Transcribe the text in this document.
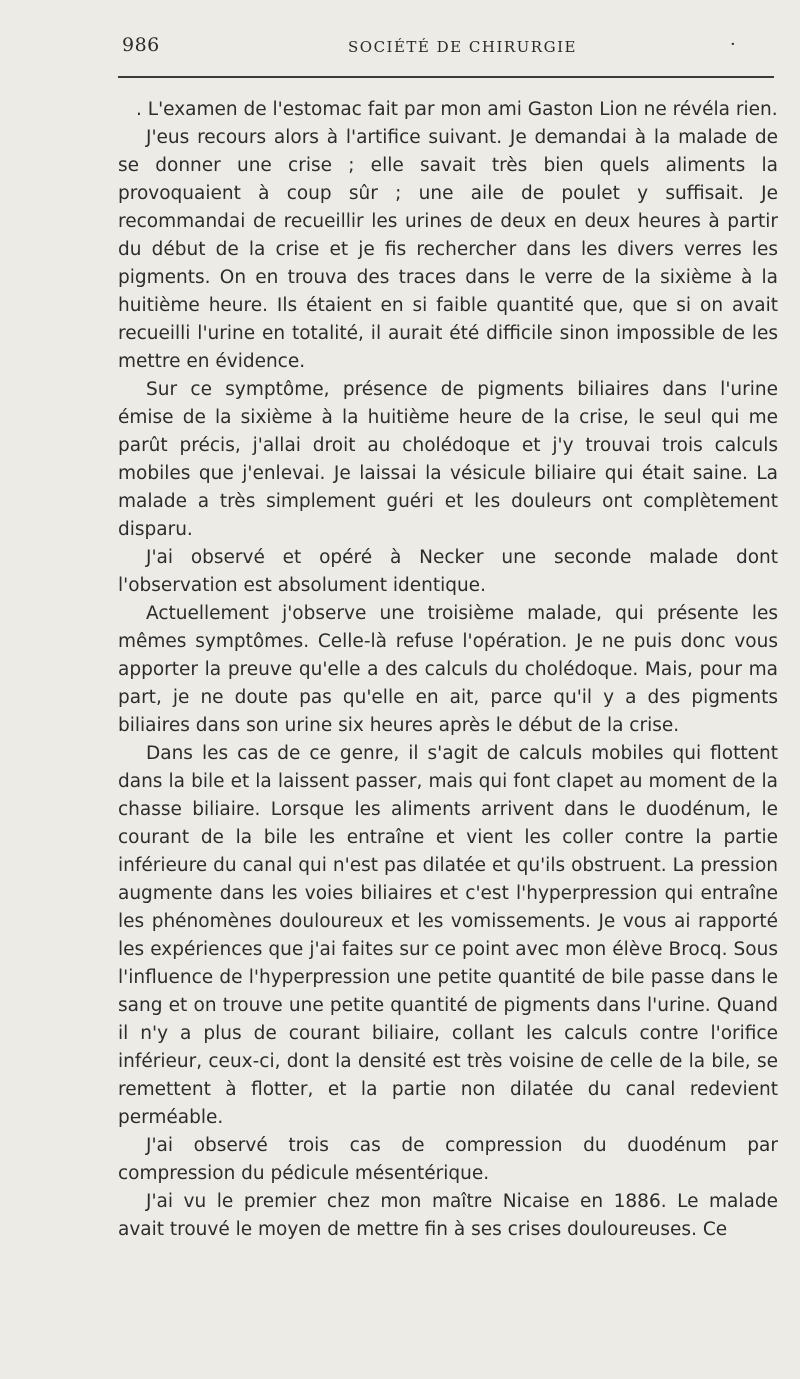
986	SOCIÉTÉ DE CHIRURGIE	·

. L'examen de l'estomac fait par mon ami Gaston Lion ne révéla rien.

J'eus recours alors à l'artifice suivant. Je demandai à la malade de se donner une crise ; elle savait très bien quels aliments la provoquaient à coup sûr ; une aile de poulet y suffisait. Je recommandai de recueillir les urines de deux en deux heures à partir du début de la crise et je fis rechercher dans les divers verres les pigments. On en trouva des traces dans le verre de la sixième à la huitième heure. Ils étaient en si faible quantité que, que si on avait recueilli l'urine en totalité, il aurait été difficile sinon impossible de les mettre en évidence.

Sur ce symptôme, présence de pigments biliaires dans l'urine émise de la sixième à la huitième heure de la crise, le seul qui me parût précis, j'allai droit au cholédoque et j'y trouvai trois calculs mobiles que j'enlevai. Je laissai la vésicule biliaire qui était saine. La malade a très simplement guéri et les douleurs ont complètement disparu.

J'ai observé et opéré à Necker une seconde malade dont l'observation est absolument identique.

Actuellement j'observe une troisième malade, qui présente les mêmes symptômes. Celle-là refuse l'opération. Je ne puis donc vous apporter la preuve qu'elle a des calculs du cholédoque. Mais, pour ma part, je ne doute pas qu'elle en ait, parce qu'il y a des pigments biliaires dans son urine six heures après le début de la crise.

Dans les cas de ce genre, il s'agit de calculs mobiles qui flottent dans la bile et la laissent passer, mais qui font clapet au moment de la chasse biliaire. Lorsque les aliments arrivent dans le duodénum, le courant de la bile les entraîne et vient les coller contre la partie inférieure du canal qui n'est pas dilatée et qu'ils obstruent. La pression augmente dans les voies biliaires et c'est l'hyperpression qui entraîne les phénomènes douloureux et les vomissements. Je vous ai rapporté les expériences que j'ai faites sur ce point avec mon élève Brocq. Sous l'influence de l'hyperpression une petite quantité de bile passe dans le sang et on trouve une petite quantité de pigments dans l'urine. Quand il n'y a plus de courant biliaire, collant les calculs contre l'orifice inférieur, ceux-ci, dont la densité est très voisine de celle de la bile, se remettent à flotter, et la partie non dilatée du canal redevient perméable.

J'ai observé trois cas de compression du duodénum par compression du pédicule mésentérique.

J'ai vu le premier chez mon maître Nicaise en 1886. Le malade avait trouvé le moyen de mettre fin à ses crises douloureuses. Ce
